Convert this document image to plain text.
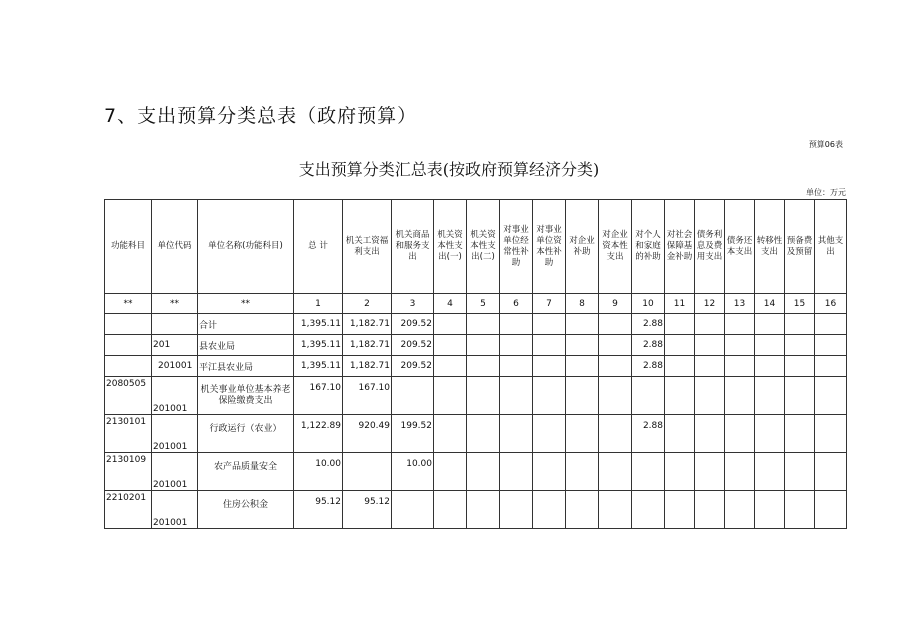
7、支出预算分类总表（政府预算）
预算06表
支出预算分类汇总表(按政府预算经济分类)
单位：万元
功能科目	单位代码	单位名称(功能科目)	总 计	机关工资福利支出	机关商品和服务支出	机关资本性支出(一)	机关资本性支出(二)	对事业单位经常性补助	对事业单位资本性补助	对企业补助	对企业资本性支出	对个人和家庭的补助	对社会保障基金补助	债务利息及费用支出	债务还本支出	转移性支出	预备费及预留	其他支出
**	**	**	1	2	3	4	5	6	7	8	9	10	11	12	13	14	15	16
		合计	1,395.11	1,182.71	209.52							2.88						
	201	县农业局	1,395.11	1,182.71	209.52							2.88						
	201001	平江县农业局	1,395.11	1,182.71	209.52							2.88						
2080505	201001	机关事业单位基本养老保险缴费支出	167.10	167.10														
2130101	201001	行政运行（农业）	1,122.89	920.49	199.52							2.88						
2130109	201001	农产品质量安全	10.00		10.00													
2210201	201001	住房公积金	95.12	95.12														
